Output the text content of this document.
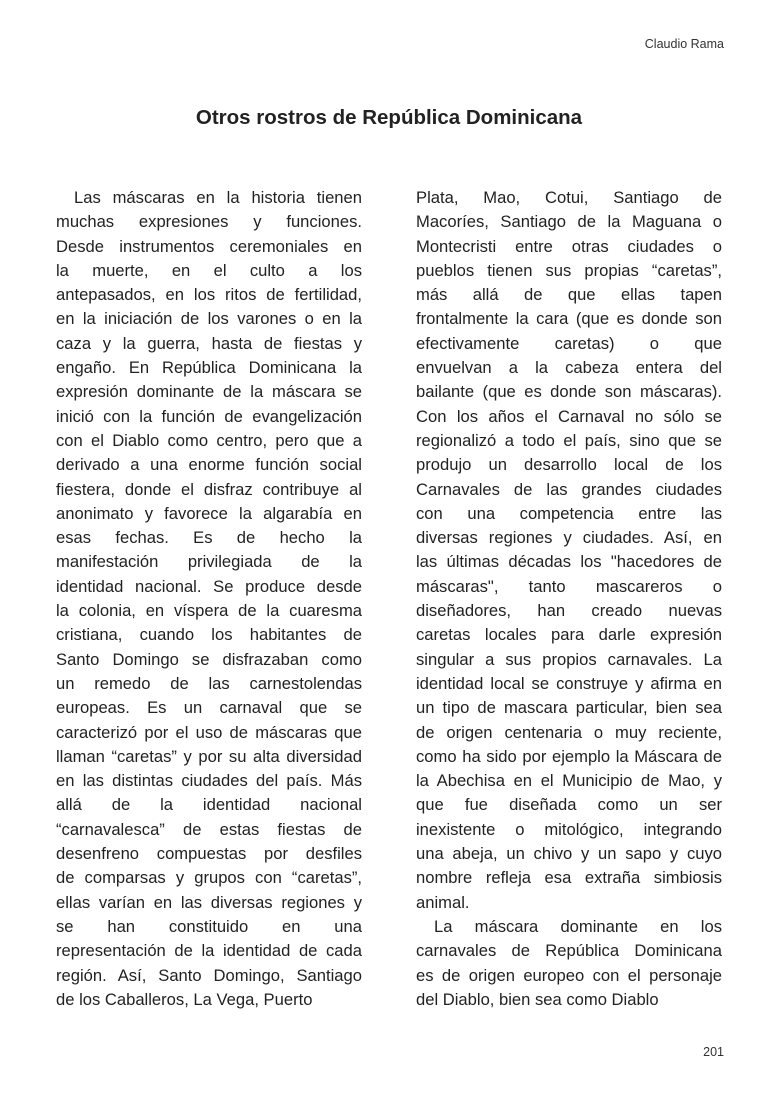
Claudio Rama
Otros rostros de República Dominicana
Las máscaras en la historia tienen
muchas expresiones y funciones.
Desde instrumentos ceremoniales en
la muerte, en el culto a los
antepasados, en los ritos de fertilidad,
en la iniciación de los varones o en la
caza y la guerra, hasta de fiestas y
engaño. En República Dominicana la
expresión dominante de la máscara se
inició con la función de evangelización
con el Diablo como centro, pero que a
derivado a una enorme función social
fiestera, donde el disfraz contribuye al
anonimato y favorece la algarabía en
esas fechas. Es de hecho la
manifestación privilegiada de la
identidad nacional. Se produce desde
la colonia, en víspera de la cuaresma
cristiana, cuando los habitantes de
Santo Domingo se disfrazaban como
un remedo de las carnestolendas
europeas. Es un carnaval que se
caracterizó por el uso de máscaras que
llaman “caretas” y por su alta diversidad
en las distintas ciudades del país. Más
allá de la identidad nacional
“carnavalesca” de estas fiestas de
desenfreno compuestas por desfiles
de comparsas y grupos con “caretas”,
ellas varían en las diversas regiones y
se han constituido en una
representación de la identidad de cada
región. Así, Santo Domingo, Santiago
de los Caballeros, La Vega, Puerto
Plata, Mao, Cotui, Santiago de
Macoríes, Santiago de la Maguana o
Montecristi entre otras ciudades o
pueblos tienen sus propias “caretas”,
más allá de que ellas tapen
frontalmente la cara (que es donde son
efectivamente caretas) o que
envuelvan a la cabeza entera del
bailante (que es donde son máscaras).
Con los años el Carnaval no sólo se
regionalizó a todo el país, sino que se
produjo un desarrollo local de los
Carnavales de las grandes ciudades
con una competencia entre las
diversas regiones y ciudades. Así, en
las últimas décadas los "hacedores de
máscaras", tanto mascareros o
diseñadores, han creado nuevas
caretas locales para darle expresión
singular a sus propios carnavales. La
identidad local se construye y afirma en
un tipo de mascara particular, bien sea
de origen centenaria o muy reciente,
como ha sido por ejemplo la Máscara de
la Abechisa en el Municipio de Mao, y
que fue diseñada como un ser
inexistente o mitológico, integrando
una abeja, un chivo y un sapo y cuyo
nombre refleja esa extraña simbiosis
animal.
La máscara dominante en los
carnavales de República Dominicana
es de origen europeo con el personaje
del Diablo, bien sea como Diablo
201
